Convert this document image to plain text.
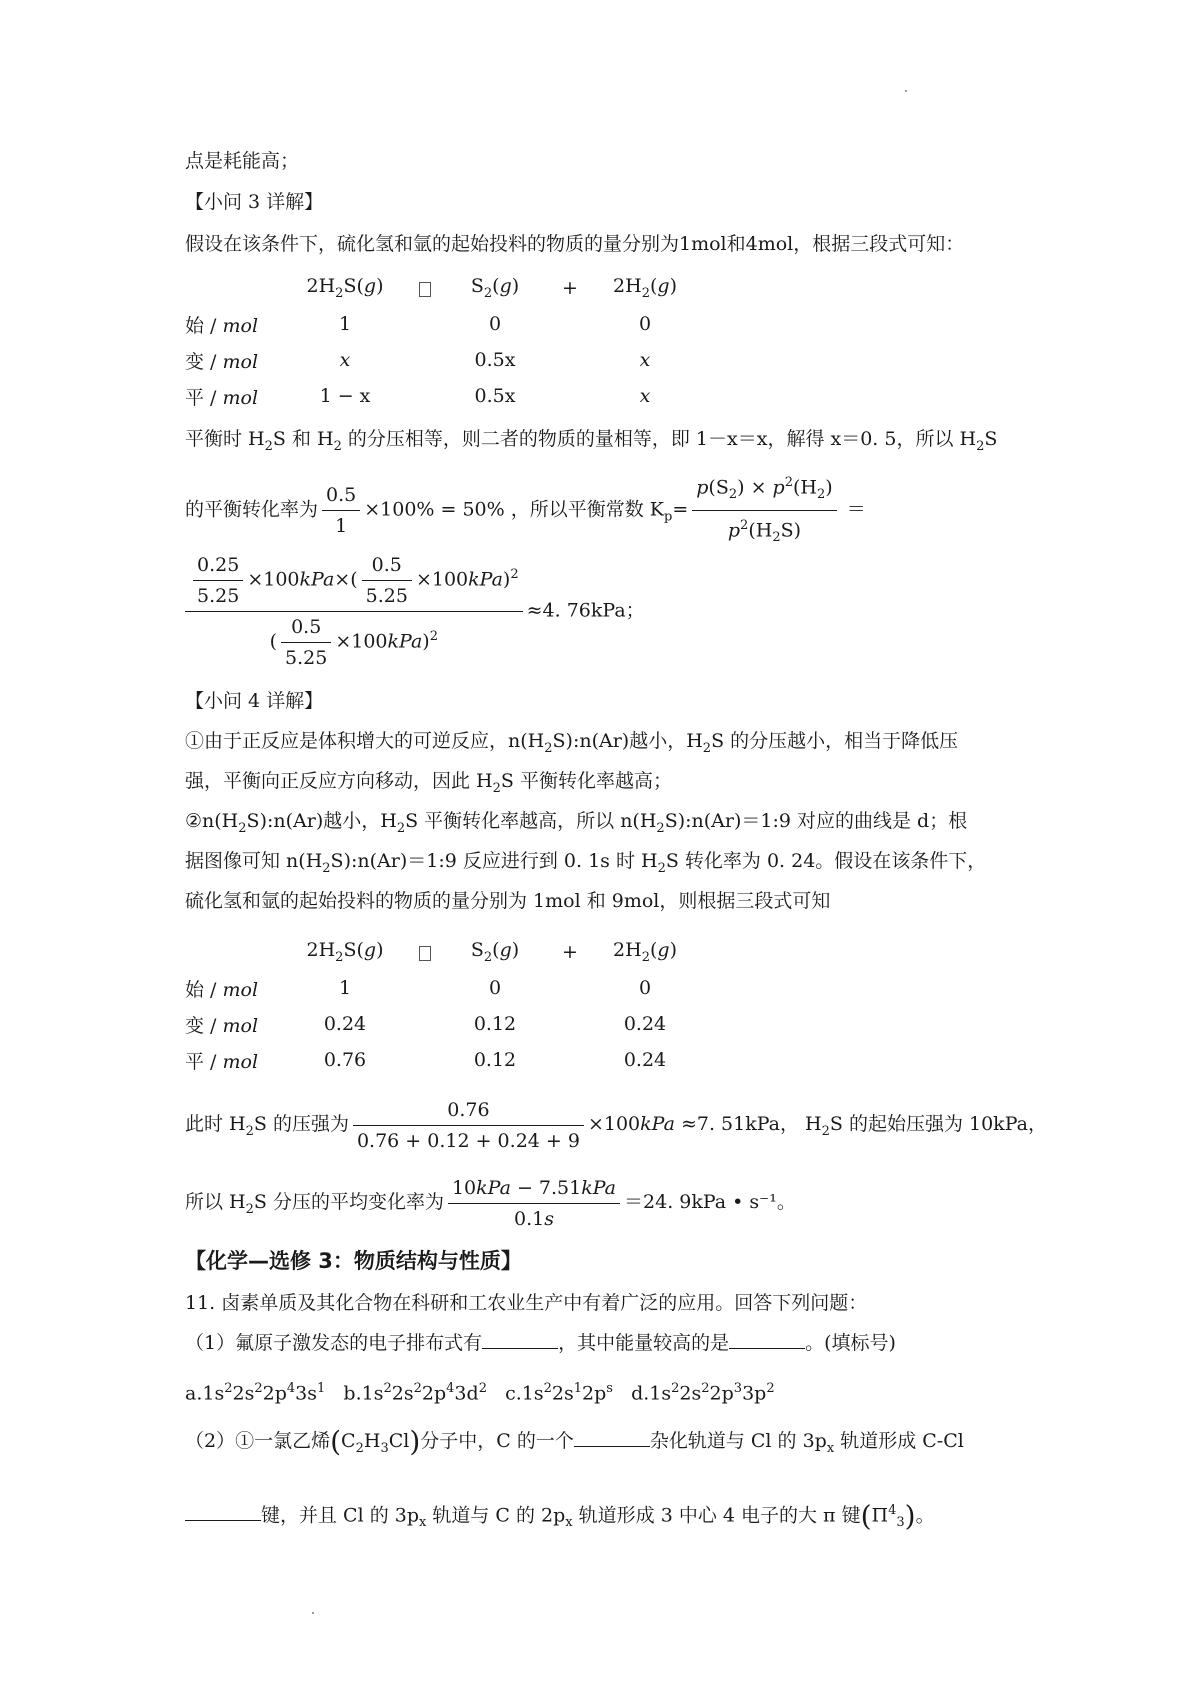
点是耗能高；
【小问 3 详解】
假设在该条件下，硫化氢和氩的起始投料的物质的量分别为1mol和4mol，根据三段式可知：
	$2H_2S(g)$		$S_2(g)$	+	$2H_2(g)$
始 / mol	1		0		0
变 / mol	x		0.5x		x
平 / mol	1 − x		0.5x		x
平衡时 $H_2S$ 和 $H_2$ 的分压相等，则二者的物质的量相等，即 1－x＝x，解得 x＝0. 5，所以 $H_2S$
的平衡转化率为 $\frac{0.5}{1} \times 100\% = 50\%$ ，所以平衡常数 $K_p= \frac{p(S_2) \times p^2(H_2)}{p^2(H_2S)}$ ＝
$\frac{\frac{0.25}{5.25} \times 100kPa\times( \frac{0.5}{5.25} \times 100kPa)^2}{( \frac{0.5}{5.25} \times 100kPa)^2} \approx 4$. 76kPa；
【小问 4 详解】
①由于正反应是体积增大的可逆反应，$n(H_2S):n(Ar)$越小，$H_2S$ 的分压越小，相当于降低压
强，平衡向正反应方向移动，因此 $H_2S$ 平衡转化率越高；
$②n(H_2S):n(Ar)$越小，$H_2S$ 平衡转化率越高，所以 $n(H_2S):n(Ar)=1:9$ 对应的曲线是 d；根
据图像可知 $n(H_2S):n(Ar)=1:9$ 反应进行到 0. 1s 时 $H_2S$ 转化率为 0. 24。假设在该条件下，
硫化氢和氩的起始投料的物质的量分别为 1mol 和 9mol，则根据三段式可知
	$2H_2S(g)$		$S_2(g)$	+	$2H_2(g)$
始 / mol	1		0		0
变 / mol	0.24		0.12		0.24
平 / mol	0.76		0.12		0.24
此时 $H_2S$ 的压强为 $\frac{0.76}{0.76 + 0.12 + 0.24 + 9} \times 100kPa \approx 7$. 51kPa， $H_2S$ 的起始压强为 10kPa，
所以 $H_2S$ 分压的平均变化率为 $\frac{\text{10kPa − 7.51kPa}}{0.1s} =24$. 9kPa • s⁻¹。
【化学—选修 3：物质结构与性质】
11. 卤素单质及其化合物在科研和工农业生产中有着广泛的应用。回答下列问题：
（1）氟原子激发态的电子排布式有	，其中能量较高的是	。(填标号)
$a.1s^22s^22p^43s^1$   $b.1s^22s^22p^43d^2$   $c.1s^22s^12p^s$   $d.1s^22s^22p^33p^2$
（2）①一氯乙烯$(C_2H_3Cl)$分子中，C 的一个	杂化轨道与 Cl 的 $3p_x$ 轨道形成 C-Cl
键，并且 Cl 的 $3p_x$ 轨道与 C 的 $2p_x$ 轨道形成 3 中心 4 电子的大 π 键$(\Pi^4_3)$。
